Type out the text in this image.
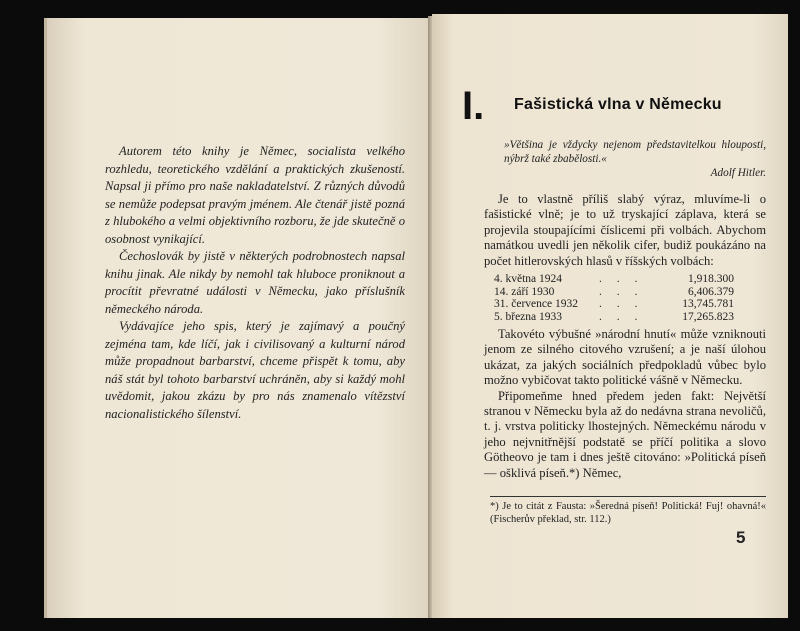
Autorem této knihy je Němec, socialista velkého rozhledu, teoretického vzdělání a praktických zkušeností. Napsal ji přímo pro naše nakladatelství. Z různých důvodů se nemůže podepsat pravým jménem. Ale čtenář jistě pozná z hlubokého a velmi objektivního rozboru, že jde skutečně o osobnost vynikající.

Čechoslovák by jistě v některých podrobnostech napsal knihu jinak. Ale nikdy by nemohl tak hluboce proniknout a procítit převratné události v Německu, jako příslušník německého národa.

Vydávajíce jeho spis, který je zajímavý a poučný zejména tam, kde líčí, jak i civilisovaný a kulturní národ může propadnout barbarství, chceme přispět k tomu, aby náš stát byl tohoto barbarství uchráněn, aby si každý mohl uvědomit, jakou zkázu by pro nás znamenalo vítězství nacionalistického šílenství.

I. Fašistická vlna v Německu
»Většina je vždycky nejenom představitelkou hlouposti, nýbrž také zbabělosti.«
Adolf Hitler.

Je to vlastně příliš slabý výraz, mluvíme-li o fašistické vlně; je to už tryskající záplava, která se projevila stoupajícími číslicemi při volbách. Abychom namátkou uvedli jen několik cifer, budiž poukázáno na počet hitlerovských hlasů v říšských volbách:

4. května 1924	. . .	1,918.300
14. září 1930	. . .	6,406.379
31. července 1932	. . .	13,745.781
5. března 1933	. . .	17,265.823

Takovéto výbušné »národní hnutí« může vzniknouti jenom ze silného citového vzrušení; a je naší úlohou ukázat, za jakých sociálních předpokladů vůbec bylo možno vybičovat takto politické vášně v Německu.

Připomeňme hned předem jeden fakt: Největší stranou v Německu byla až do nedávna strana nevoličů, t. j. vrstva politicky lhostejných. Německému národu v jeho nejvnitřnější podstatě se příčí politika a slovo Götheovo je tam i dnes ještě citováno: »Politická píseň — ošklivá píseň.*) Němec,

*) Je to citát z Fausta: »Šeredná píseň! Politická! Fuj! ohavná!« (Fischerův překlad, str. 112.)
5
